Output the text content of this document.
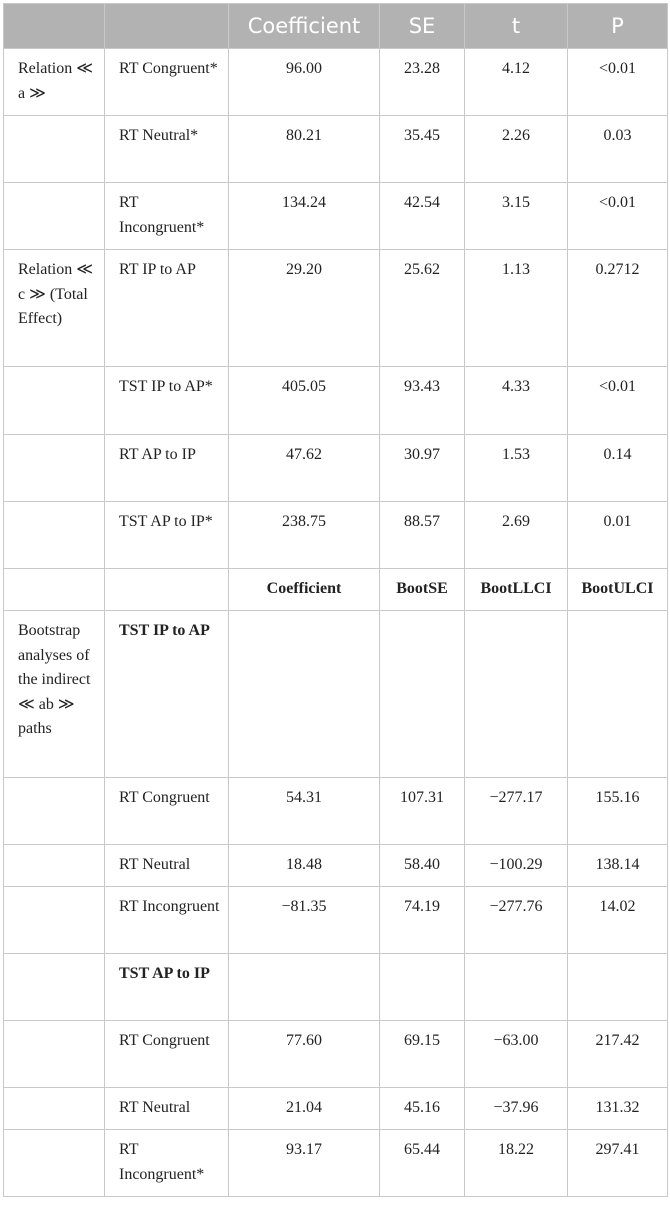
		Coefficient	SE	t	P
Relation ≪ a ≫	RT Congruent*	96.00	23.28	4.12	<0.01
	RT Neutral*	80.21	35.45	2.26	0.03
	RT Incongruent*	134.24	42.54	3.15	<0.01
Relation ≪ c ≫ (Total Effect)	RT IP to AP	29.20	25.62	1.13	0.2712
	TST IP to AP*	405.05	93.43	4.33	<0.01
	RT AP to IP	47.62	30.97	1.53	0.14
	TST AP to IP*	238.75	88.57	2.69	0.01
		Coefficient	BootSE	BootLLCI	BootULCI
Bootstrap analyses of the indirect ≪ ab ≫ paths	TST IP to AP				
	RT Congruent	54.31	107.31	−277.17	155.16
	RT Neutral	18.48	58.40	−100.29	138.14
	RT Incongruent	−81.35	74.19	−277.76	14.02
	TST AP to IP				
	RT Congruent	77.60	69.15	−63.00	217.42
	RT Neutral	21.04	45.16	−37.96	131.32
	RT Incongruent*	93.17	65.44	18.22	297.41
